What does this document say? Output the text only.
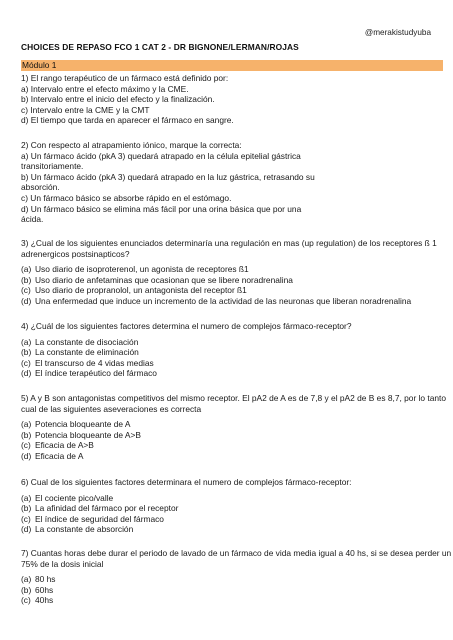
@merakistudyuba
CHOICES DE REPASO FCO 1 CAT 2 - DR BIGNONE/LERMAN/ROJAS
Módulo 1
1) El rango terapéutico de un fármaco está definido por:
a) Intervalo entre el efecto máximo y la CME.
b) Intervalo entre el inicio del efecto y la finalización.
c) Intervalo entre la CME y la CMT
d) El tiempo que tarda en aparecer el fármaco en sangre.
2) Con respecto al atrapamiento iónico, marque la correcta:
a) Un fármaco ácido (pkA 3) quedará atrapado en la célula epitelial gástrica
transitoriamente.
b) Un fármaco ácido (pkA 3) quedará atrapado en la luz gástrica, retrasando su
absorción.
c) Un fármaco básico se absorbe rápido en el estómago.
d) Un fármaco básico se elimina más fácil por una orina básica que por una
ácida.
3) ¿Cual de los siguientes enunciados determinaría una regulación en mas (up regulation) de los receptores ß 1
adrenergicos postsinapticos?
(a) Uso diario de isoproterenol, un agonista de receptores ß1
(b) Uso diario de anfetaminas que ocasionan que se libere noradrenalina
(c) Uso diario de propranolol, un antagonista del receptor ß1
(d) Una enfermedad que induce un incremento de la actividad de las neuronas que liberan noradrenalina
4) ¿Cuál de los siguientes factores determina el numero de complejos fármaco-receptor?
(a) La constante de disociación
(b) La constante de eliminación
(c) El transcurso de 4 vidas medias
(d) El índice terapéutico del fármaco
5) A y B son antagonistas competitivos del mismo receptor. El pA2 de A es de 7,8 y el pA2 de B es 8,7, por lo tanto
cual de las siguientes aseveraciones es correcta
(a) Potencia bloqueante de A
(b) Potencia bloqueante de A>B
(c) Eficacia de A>B
(d) Eficacia de A
6) Cual de los siguientes factores determinara el numero de complejos fármaco-receptor:
(a) El cociente pico/valle
(b) La afinidad del fármaco por el receptor
(c) El índice de seguridad del fármaco
(d) La constante de absorción
7) Cuantas horas debe durar el periodo de lavado de un fármaco de vida media igual a 40 hs, si se desea perder un
75% de la dosis inicial
(a) 80 hs
(b) 60hs
(c) 40hs
